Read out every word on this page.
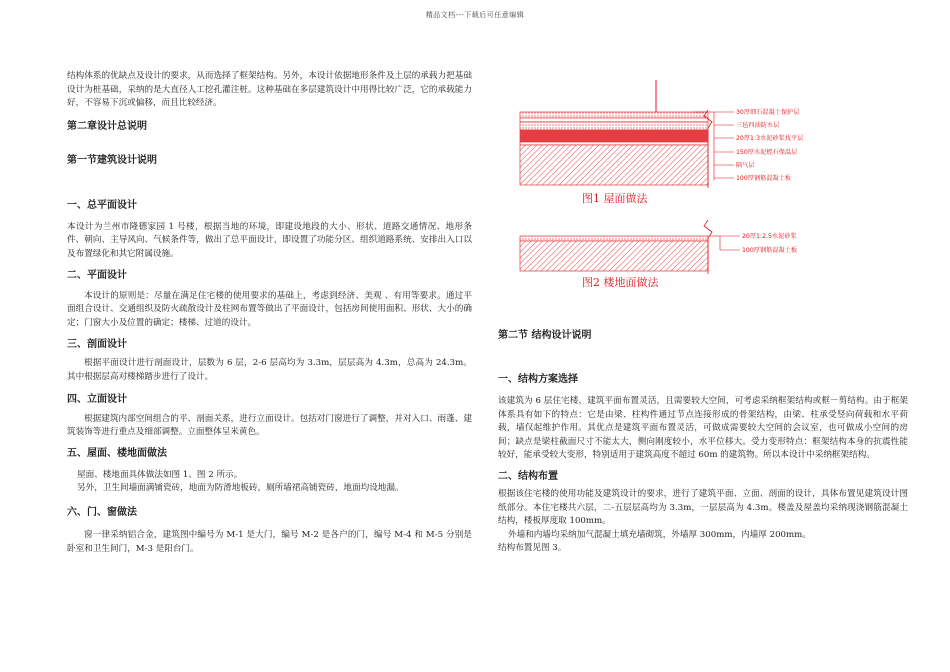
精品文档---下载后可任意编辑

结构体系的优缺点及设计的要求，从而选择了框架结构。另外，本设计依据地形条件及土层的承载力把基础设计为桩基础，采纳的是大直径人工挖孔灌注桩。这种基础在多层建筑设计中用得比较广泛，它的承载能力好，不容易下沉或偏移，而且比较经济。

第二章设计总说明
第一节建筑设计说明
一、总平面设计

本设计为兰州市隆德家园 1 号楼，根据当地的环境，即建设地段的大小、形状、道路交通情况、地形条件、朝向、主导风向、气候条件等，做出了总平面设计，即设置了功能分区、组织道路系统、安排出入口以及布置绿化和其它附属设施。

二、平面设计

本设计的原则是：尽量在满足住宅楼的使用要求的基础上，考虑到经济、美观 、有用等要求。通过平面组合设计、交通组织及防火疏散设计及柱网布置等做出了平面设计，包括房间使用面积、形状、大小的确定；门窗大小及位置的确定；楼梯、过道的设计。

三、剖面设计

根据平面设计进行剖面设计，层数为 6 层，2-6 层高均为 3.3m，层层高为 4.3m，总高为 24.3m。其中根据层高对楼梯踏步进行了设计。

四、立面设计

根据建筑内部空间组合的平、剖面关系，进行立面设计。包括对门窗进行了调整，并对入口、雨蓬、建筑装饰等进行重点及细部调整。立面整体呈米黄色。

五、屋面、楼地面做法

屋面、楼地面具体做法如图 1、图 2 所示。

另外，卫生间墙面满铺瓷砖，地面为防滑地板砖，厕所墙裙高铺瓷砖，地面均设地漏。

六、门、窗做法

窗一律采纳铝合金，建筑图中编号为 M-1 是大门，编号 M-2 是各户的门，编号 M-4 和 M-5 分别是卧室和卫生间门，M-3 是阳台门。

30厚细石混凝土保护层
三毡四油防水层
20厚1:3水泥砂浆找平层
150厚水泥蛭石保温层
隔气层
100厚钢筋混凝土板
图1 屋面做法
20厚1:2.5水泥砂浆
100厚钢筋混凝土板
图2 楼地面做法
第二节 结构设计说明
一、结构方案选择

该建筑为 6 层住宅楼，建筑平面布置灵活，且需要较大空间，可考虑采纳框架结构或框－剪结构。由于框架体系具有如下的特点：它是由梁、柱构件通过节点连接形成的骨架结构，由梁、柱承受竖向荷载和水平荷载，墙仅起维护作用。其优点是建筑平面布置灵活，可做成需要较大空间的会议室，也可做成小空间的房间；缺点是梁柱截面尺寸不能太大，侧向刚度较小，水平位移大。受力变形特点：框架结构本身的抗震性能较好，能承受较大变形，特别适用于建筑高度不超过 60m 的建筑物。所以本设计中采纳框架结构。

二、结构布置

根据该住宅楼的使用功能及建筑设计的要求，进行了建筑平面、立面、剖面的设计，具体布置见建筑设计图纸部分。本住宅楼共六层，二-五层层高均为 3.3m，一层层高为 4.3m。楼盖及屋盖均采纳现浇钢筋混凝土结构，楼板厚度取 100mm。

外墙和内墙均采纳加气混凝土填充墙砌筑，外墙厚 300mm，内墙厚 200mm。

结构布置见图 3。
